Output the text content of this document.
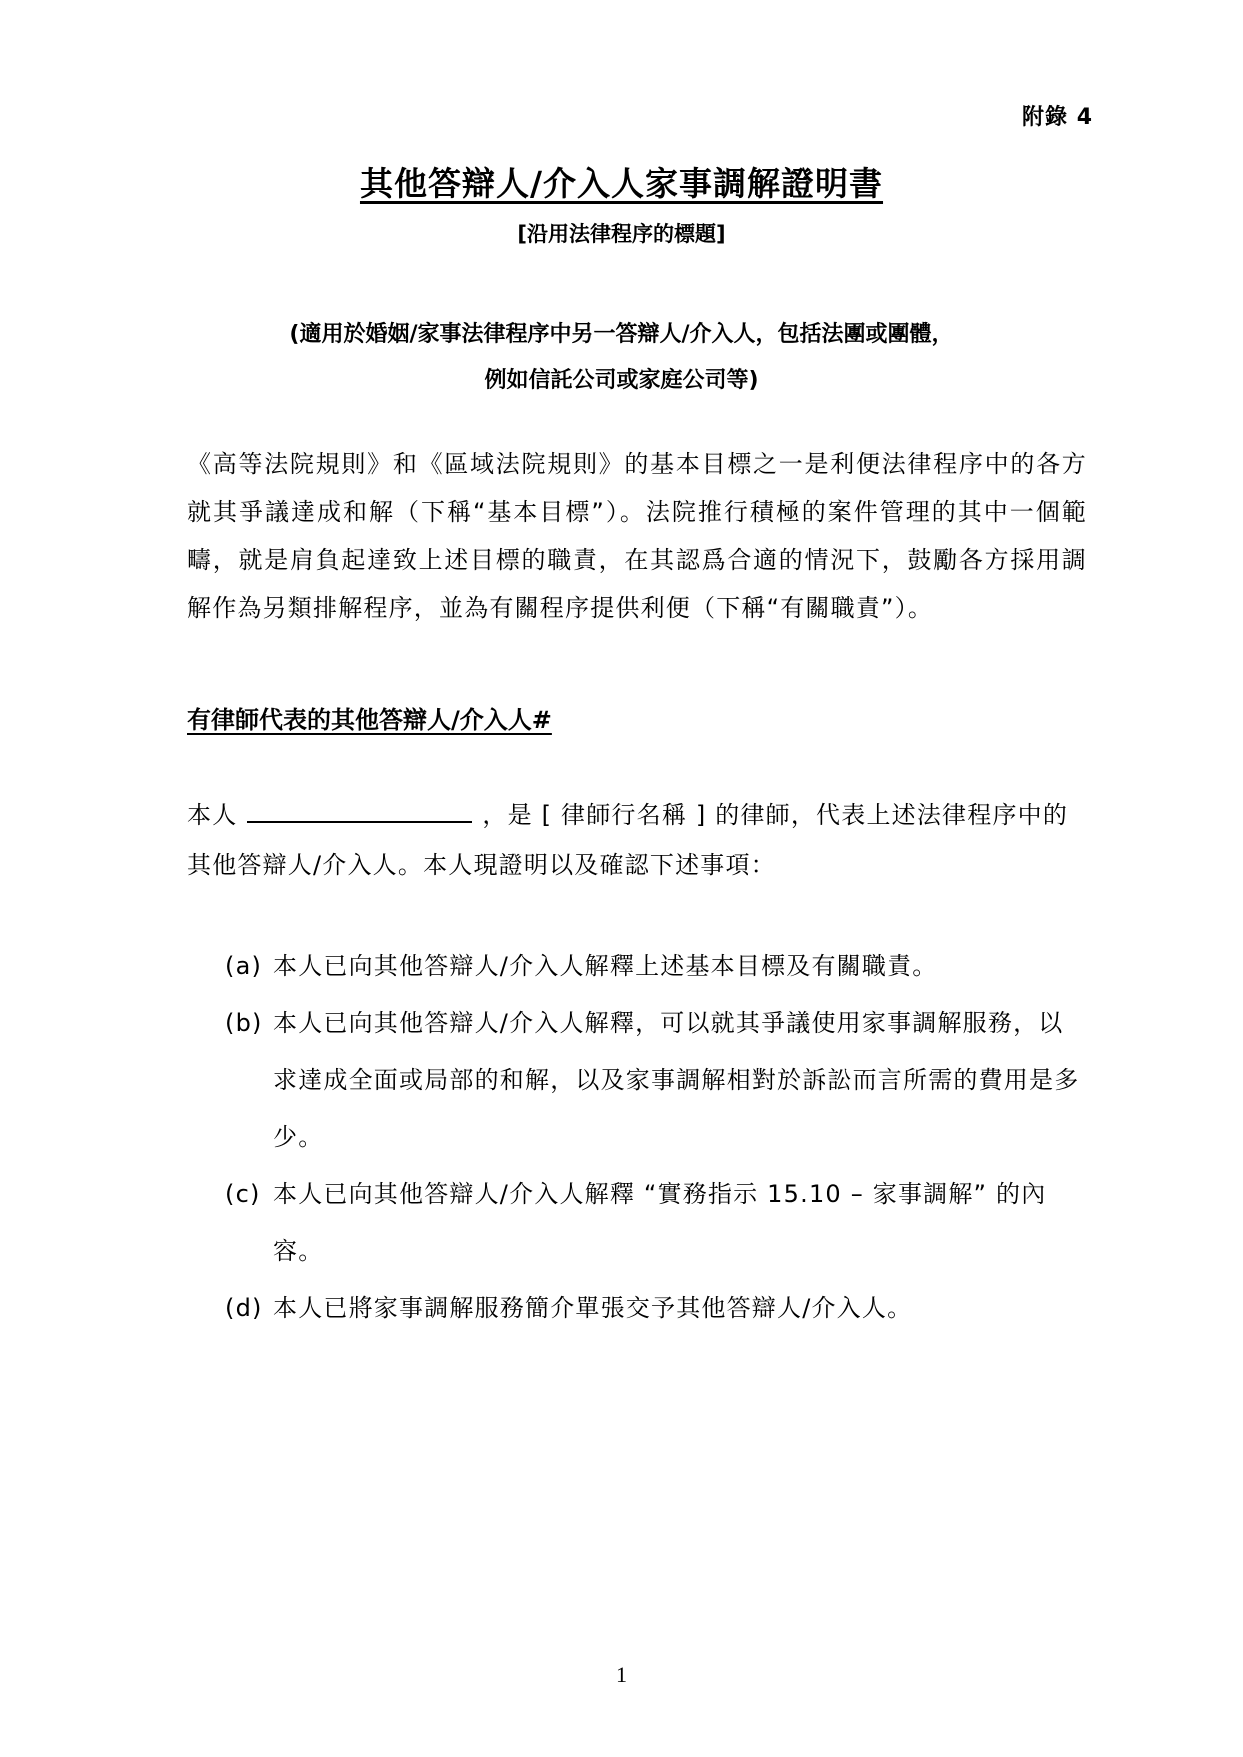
附錄 4
其他答辯人/介入人家事調解證明書
[沿用法律程序的標題]
(適用於婚姻/家事法律程序中另一答辯人/介入人，包括法團或團體，
例如信託公司或家庭公司等)
《高等法院規則》和《區域法院規則》的基本目標之一是利便法律程序中的各方就其爭議達成和解（下稱“基本目標”）。法院推行積極的案件管理的其中一個範疇，就是肩負起達致上述目標的職責，在其認爲合適的情況下，鼓勵各方採用調解作為另類排解程序，並為有關程序提供利便（下稱“有關職責”）。
有律師代表的其他答辯人/介入人#
本人	，是 [ 律師行名稱 ] 的律師，代表上述法律程序中的其他答辯人/介入人。本人現證明以及確認下述事項：
(a) 本人已向其他答辯人/介入人解釋上述基本目標及有關職責。
(b) 本人已向其他答辯人/介入人解釋，可以就其爭議使用家事調解服務，以求達成全面或局部的和解，以及家事調解相對於訴訟而言所需的費用是多少。
(c) 本人已向其他答辯人/介入人解釋 “實務指示 15.10 – 家事調解” 的內容。
(d) 本人已將家事調解服務簡介單張交予其他答辯人/介入人。
1
